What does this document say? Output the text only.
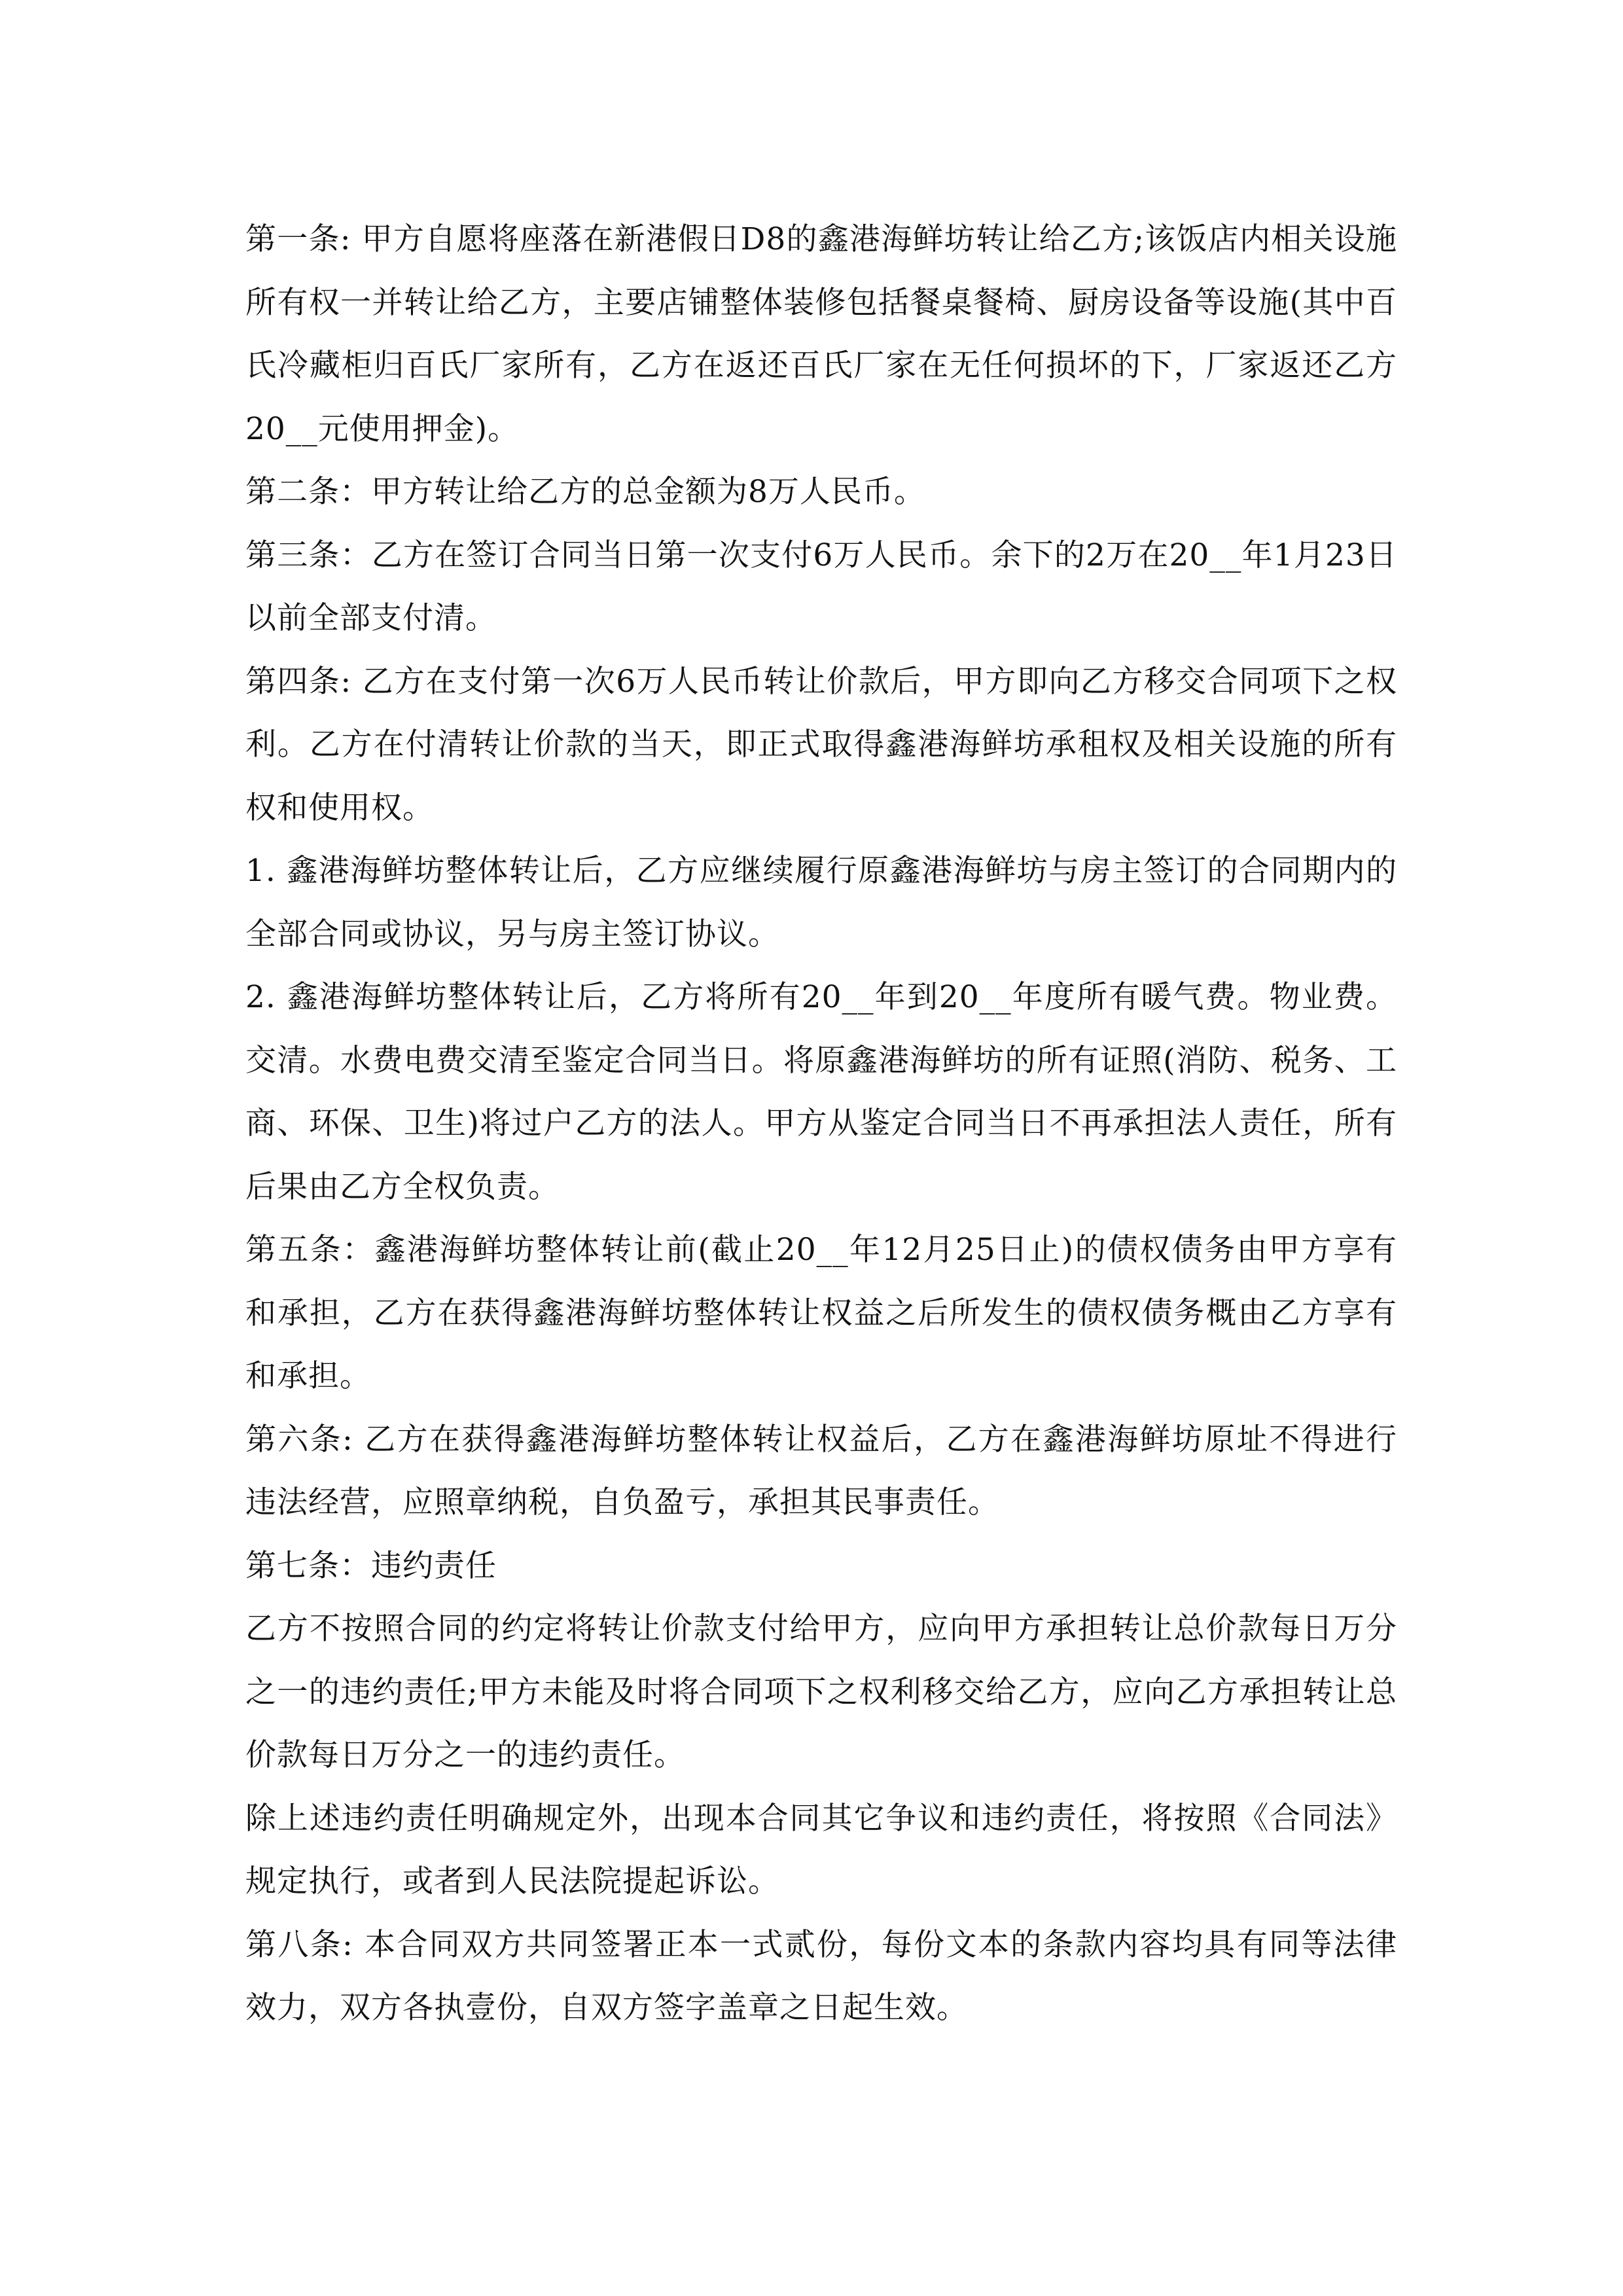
第一条: 甲方自愿将座落在新港假日D8的鑫港海鲜坊转让给乙方;该饭店内相关设施所有权一并转让给乙方，主要店铺整体装修包括餐桌餐椅、厨房设备等设施(其中百氏冷藏柜归百氏厂家所有，乙方在返还百氏厂家在无任何损坏的下，厂家返还乙方20__元使用押金)。

第二条：甲方转让给乙方的总金额为8万人民币。

第三条：乙方在签订合同当日第一次支付6万人民币。余下的2万在20__年1月23日以前全部支付清。

第四条: 乙方在支付第一次6万人民币转让价款后，甲方即向乙方移交合同项下之权利。乙方在付清转让价款的当天，即正式取得鑫港海鲜坊承租权及相关设施的所有权和使用权。

1. 鑫港海鲜坊整体转让后，乙方应继续履行原鑫港海鲜坊与房主签订的合同期内的全部合同或协议，另与房主签订协议。

2. 鑫港海鲜坊整体转让后，乙方将所有20__年到20__年度所有暖气费。物业费。交清。水费电费交清至鉴定合同当日。将原鑫港海鲜坊的所有证照(消防、税务、工商、环保、卫生)将过户乙方的法人。甲方从鉴定合同当日不再承担法人责任，所有后果由乙方全权负责。

第五条：鑫港海鲜坊整体转让前(截止20__年12月25日止)的债权债务由甲方享有和承担，乙方在获得鑫港海鲜坊整体转让权益之后所发生的债权债务概由乙方享有和承担。

第六条: 乙方在获得鑫港海鲜坊整体转让权益后，乙方在鑫港海鲜坊原址不得进行违法经营，应照章纳税，自负盈亏，承担其民事责任。

第七条：违约责任

乙方不按照合同的约定将转让价款支付给甲方，应向甲方承担转让总价款每日万分之一的违约责任;甲方未能及时将合同项下之权利移交给乙方，应向乙方承担转让总价款每日万分之一的违约责任。

除上述违约责任明确规定外，出现本合同其它争议和违约责任，将按照《合同法》规定执行，或者到人民法院提起诉讼。

第八条: 本合同双方共同签署正本一式贰份，每份文本的条款内容均具有同等法律效力，双方各执壹份，自双方签字盖章之日起生效。
